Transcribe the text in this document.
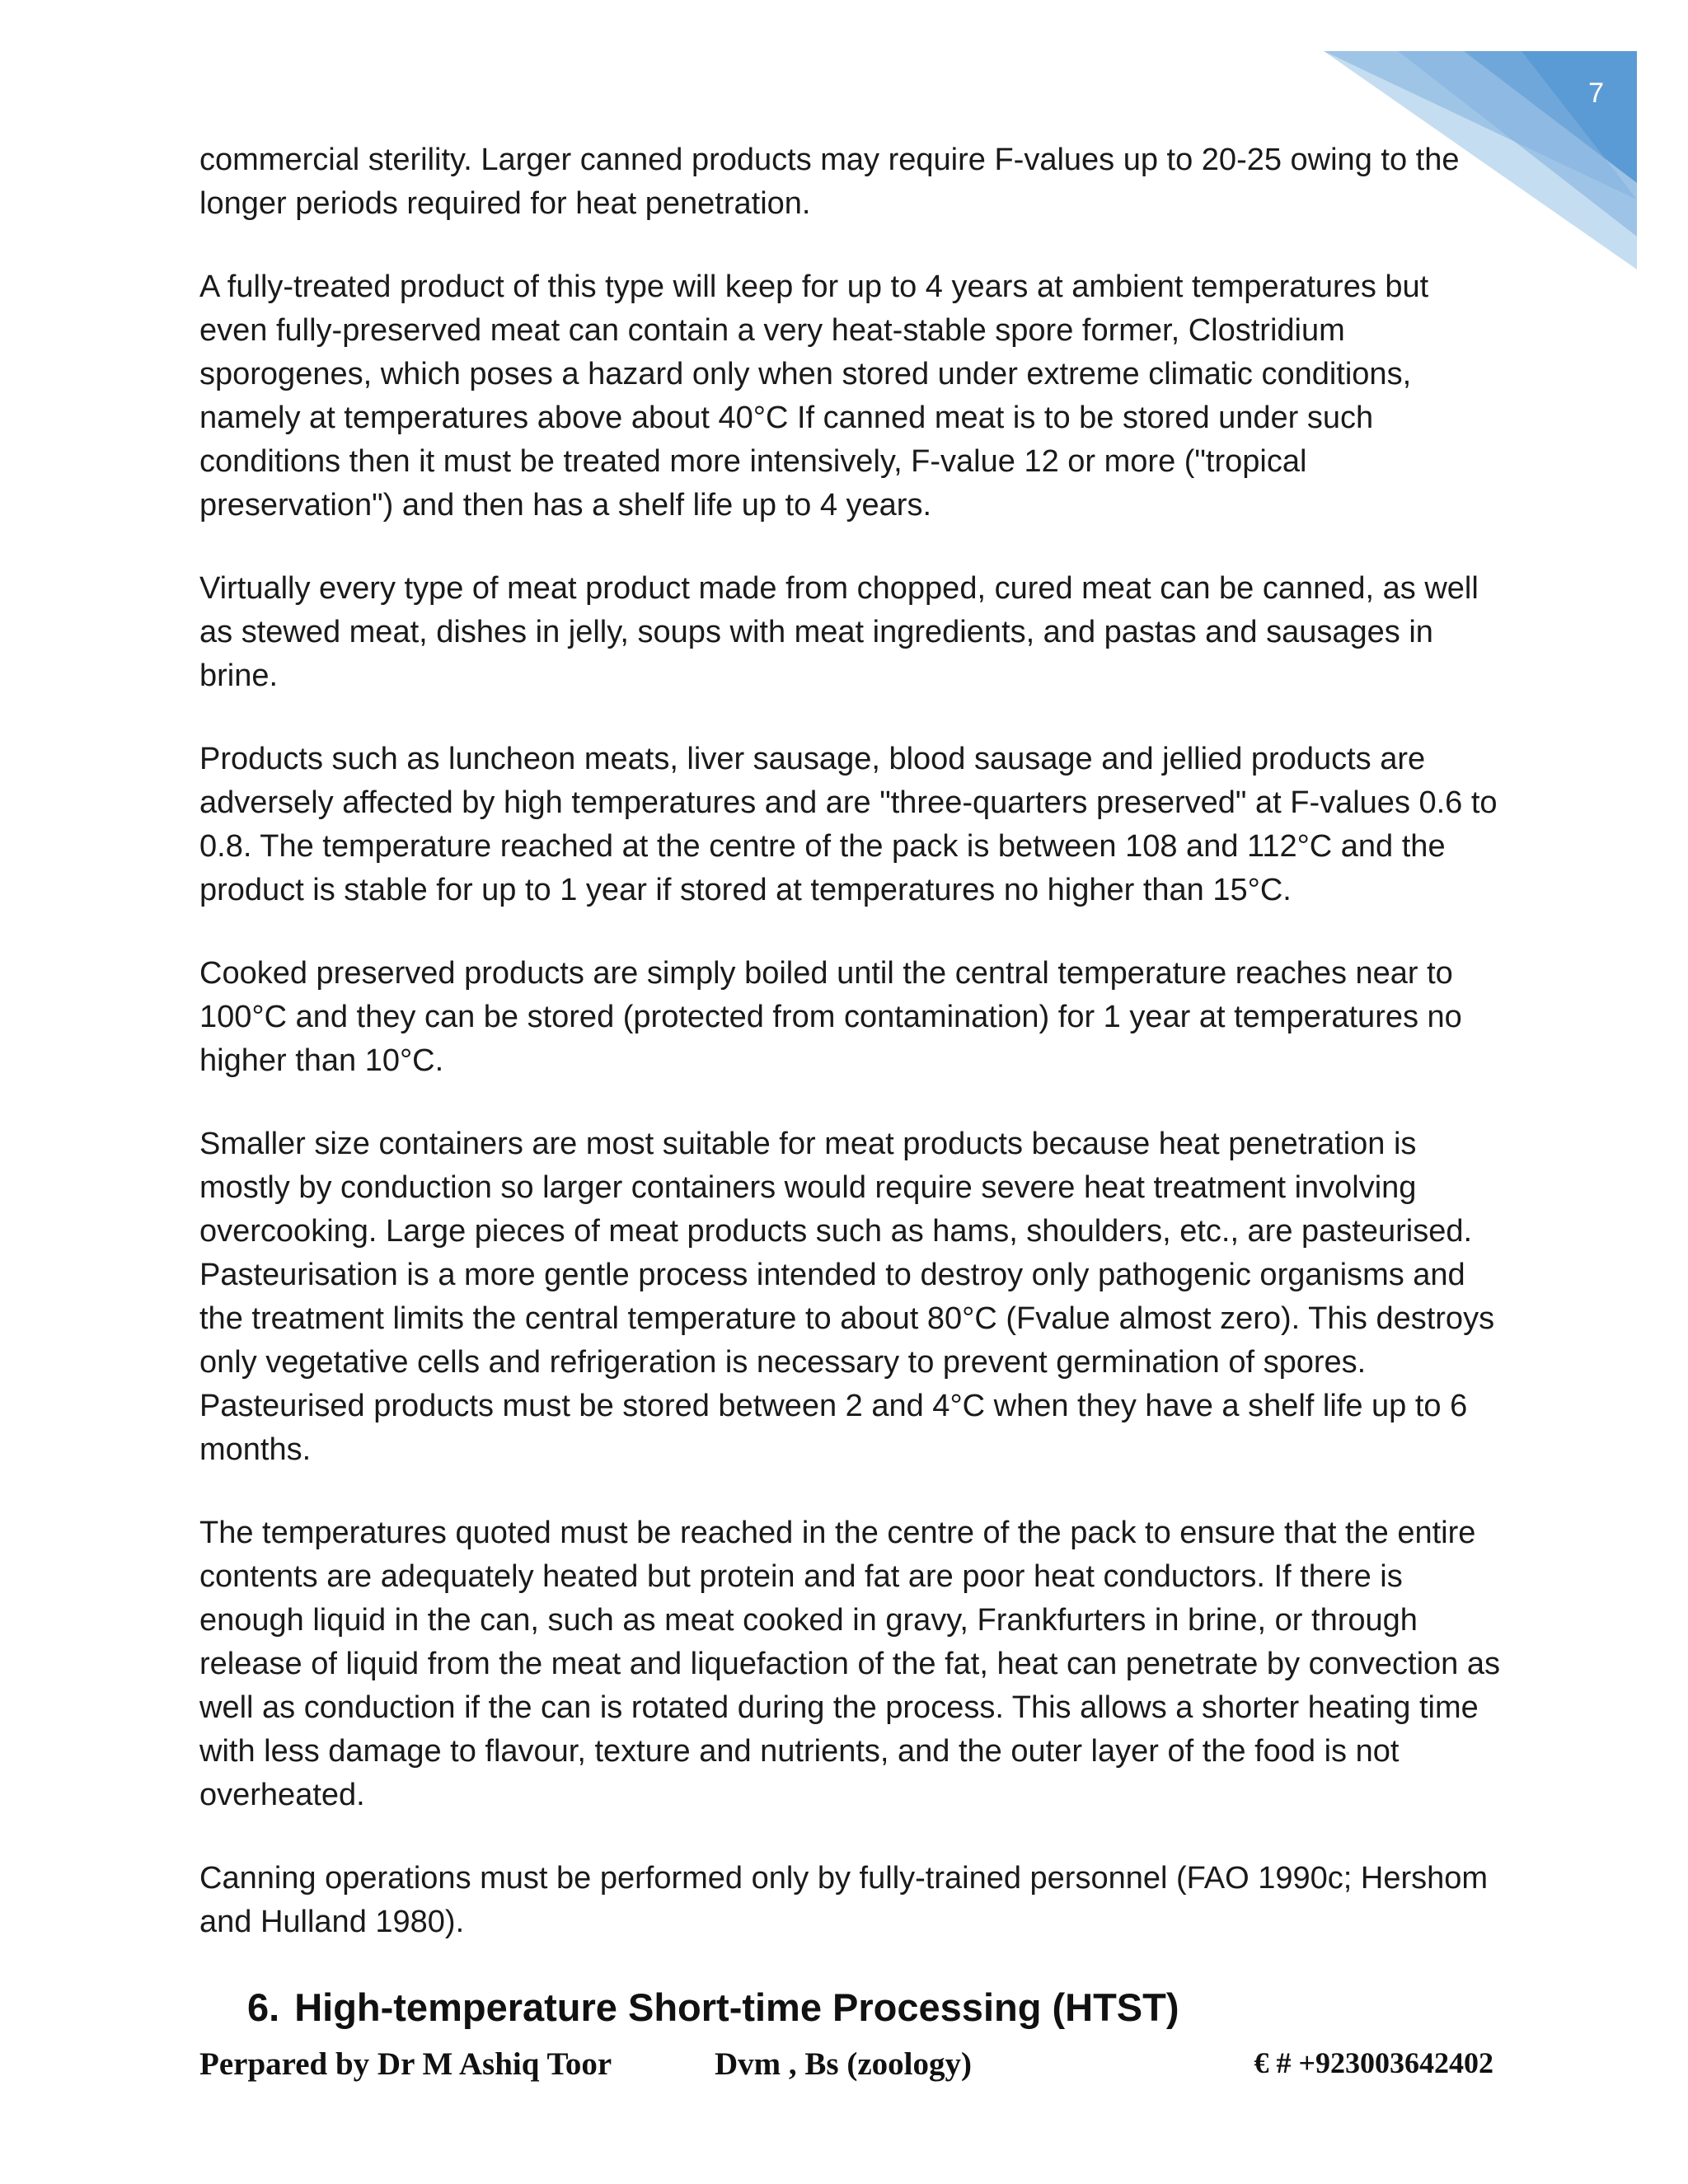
7

commercial sterility. Larger canned products may require F-values up to 20-25 owing to the longer periods required for heat penetration.

A fully-treated product of this type will keep for up to 4 years at ambient temperatures but even fully-preserved meat can contain a very heat-stable spore former, Clostridium sporogenes, which poses a hazard only when stored under extreme climatic conditions, namely at temperatures above about 40°C If canned meat is to be stored under such conditions then it must be treated more intensively, F-value 12 or more ("tropical preservation") and then has a shelf life up to 4 years.

Virtually every type of meat product made from chopped, cured meat can be canned, as well as stewed meat, dishes in jelly, soups with meat ingredients, and pastas and sausages in brine.

Products such as luncheon meats, liver sausage, blood sausage and jellied products are adversely affected by high temperatures and are "three-quarters preserved" at F-values 0.6 to 0.8. The temperature reached at the centre of the pack is between 108 and 112°C and the product is stable for up to 1 year if stored at temperatures no higher than 15°C.

Cooked preserved products are simply boiled until the central temperature reaches near to 100°C and they can be stored (protected from contamination) for 1 year at temperatures no higher than 10°C.

Smaller size containers are most suitable for meat products because heat penetration is mostly by conduction so larger containers would require severe heat treatment involving overcooking. Large pieces of meat products such as hams, shoulders, etc., are pasteurised. Pasteurisation is a more gentle process intended to destroy only pathogenic organisms and the treatment limits the central temperature to about 80°C (Fvalue almost zero). This destroys only vegetative cells and refrigeration is necessary to prevent germination of spores. Pasteurised products must be stored between 2 and 4°C when they have a shelf life up to 6 months.

The temperatures quoted must be reached in the centre of the pack to ensure that the entire contents are adequately heated but protein and fat are poor heat conductors. If there is enough liquid in the can, such as meat cooked in gravy, Frankfurters in brine, or through release of liquid from the meat and liquefaction of the fat, heat can penetrate by convection as well as conduction if the can is rotated during the process. This allows a shorter heating time with less damage to flavour, texture and nutrients, and the outer layer of the food is not overheated.

Canning operations must be performed only by fully-trained personnel (FAO 1990c; Hershom and Hulland 1980).

6. High-temperature Short-time Processing (HTST)
Perpared by Dr M Ashiq Toor	Dvm , Bs (zoology)	€ # +923003642402
